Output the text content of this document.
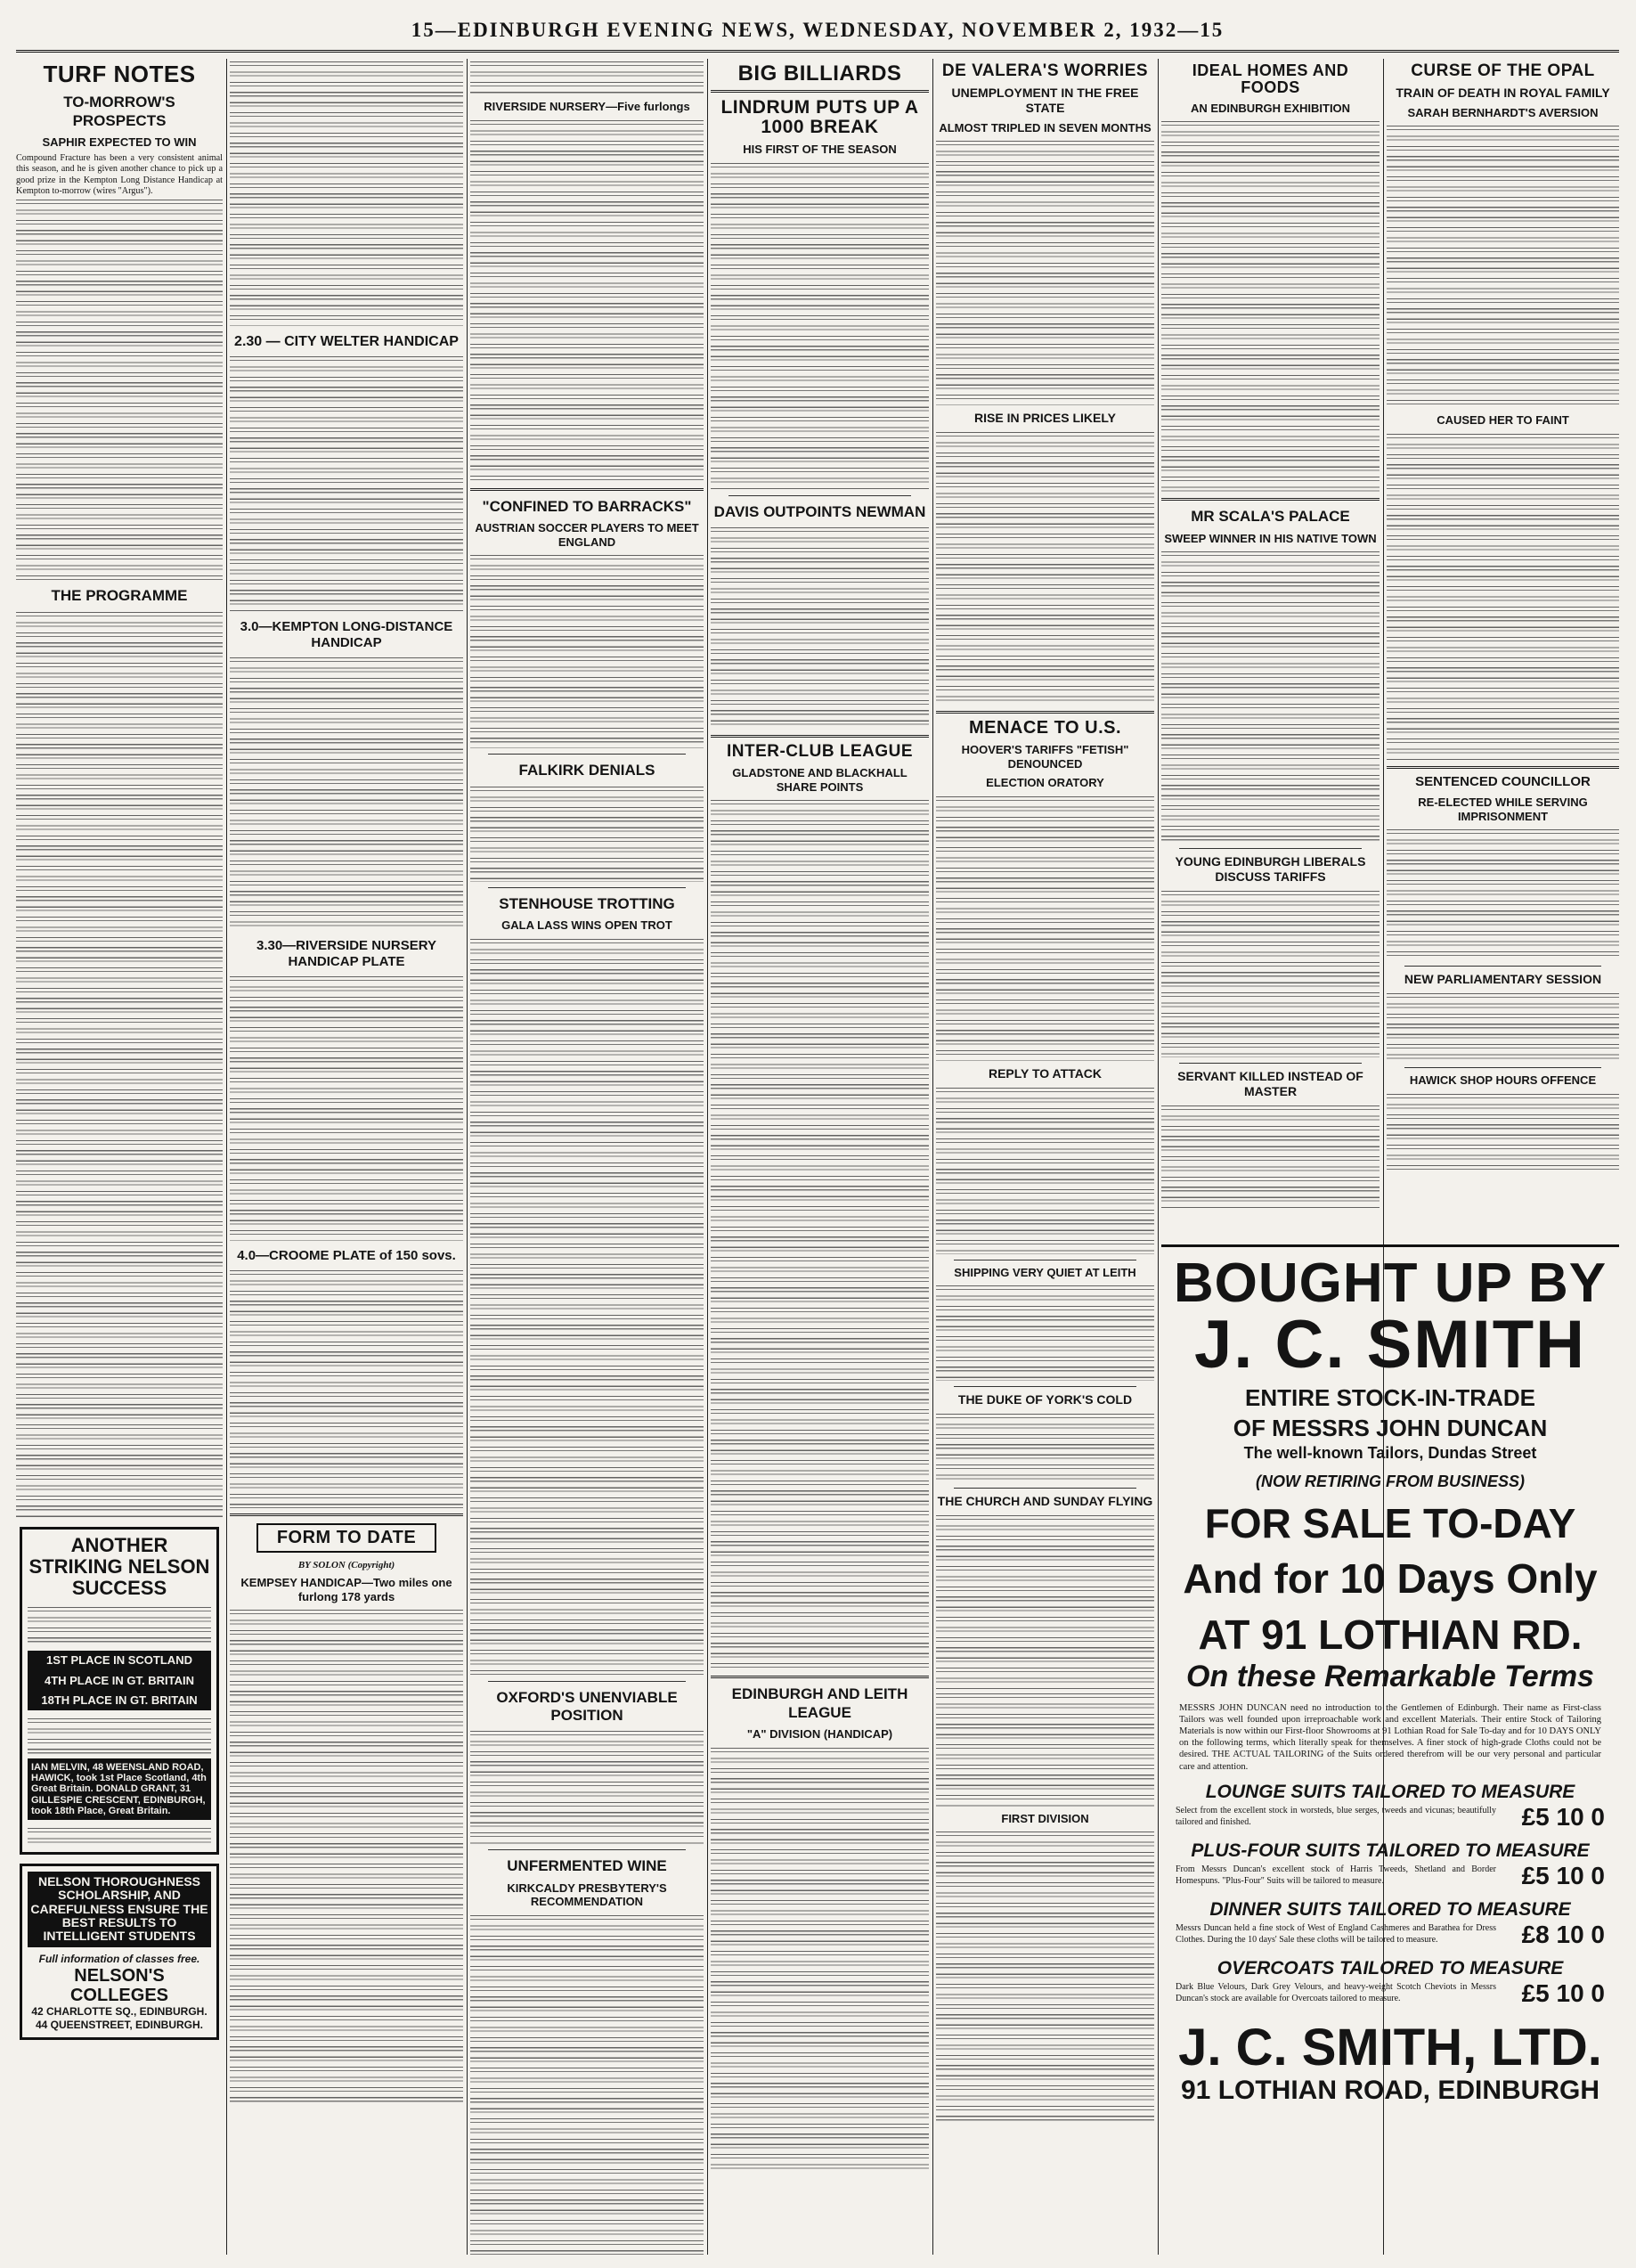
15—EDINBURGH EVENING NEWS, WEDNESDAY, NOVEMBER 2, 1932—15
TURF NOTES
TO-MORROW'S PROSPECTS
SAPHIR EXPECTED TO WIN
Compound Fracture has been a very consistent animal this season, and he is given another chance to pick up a good prize in the Kempton Long Distance Handicap at Kempton to-morrow (wires "Argus").
THE PROGRAMME
ANOTHER STRIKING NELSON SUCCESS
1ST PLACE IN SCOTLAND
4TH PLACE IN GT. BRITAIN
18TH PLACE IN GT. BRITAIN
IAN MELVIN, 48 WEENSLAND ROAD, HAWICK, took 1st Place Scotland, 4th Great Britain. DONALD GRANT, 31 GILLESPIE CRESCENT, EDINBURGH, took 18th Place, Great Britain.
NELSON THOROUGHNESS SCHOLARSHIP, AND CAREFULNESS ENSURE THE BEST RESULTS TO INTELLIGENT STUDENTS
Full information of classes free.
NELSON'S COLLEGES
42 CHARLOTTE SQ., EDINBURGH.
44 QUEENSTREET, EDINBURGH.
2.30 — CITY WELTER HANDICAP
3.0—KEMPTON LONG-DISTANCE HANDICAP
3.30—RIVERSIDE NURSERY HANDICAP PLATE
4.0—CROOME PLATE of 150 sovs.
FORM TO DATE
BY SOLON (Copyright)
KEMPSEY HANDICAP—Two miles one furlong 178 yards
RIVERSIDE NURSERY—Five furlongs
"CONFINED TO BARRACKS"
AUSTRIAN SOCCER PLAYERS TO MEET ENGLAND
FALKIRK DENIALS
STENHOUSE TROTTING
GALA LASS WINS OPEN TROT
OXFORD'S UNENVIABLE POSITION
UNFERMENTED WINE
KIRKCALDY PRESBYTERY'S RECOMMENDATION
BIG BILLIARDS
LINDRUM PUTS UP A 1000 BREAK
HIS FIRST OF THE SEASON
DAVIS OUTPOINTS NEWMAN
INTER-CLUB LEAGUE
GLADSTONE AND BLACKHALL SHARE POINTS
EDINBURGH AND LEITH LEAGUE
"A" DIVISION (HANDICAP)
DE VALERA'S WORRIES
UNEMPLOYMENT IN THE FREE STATE
ALMOST TRIPLED IN SEVEN MONTHS
RISE IN PRICES LIKELY
MENACE TO U.S.
HOOVER'S TARIFFS "FETISH" DENOUNCED
ELECTION ORATORY
REPLY TO ATTACK
SHIPPING VERY QUIET AT LEITH
THE DUKE OF YORK'S COLD
THE CHURCH AND SUNDAY FLYING
FIRST DIVISION
IDEAL HOMES AND FOODS
AN EDINBURGH EXHIBITION
MR SCALA'S PALACE
SWEEP WINNER IN HIS NATIVE TOWN
YOUNG EDINBURGH LIBERALS DISCUSS TARIFFS
SERVANT KILLED INSTEAD OF MASTER
CURSE OF THE OPAL
TRAIN OF DEATH IN ROYAL FAMILY
SARAH BERNHARDT'S AVERSION
CAUSED HER TO FAINT
SENTENCED COUNCILLOR
RE-ELECTED WHILE SERVING IMPRISONMENT
NEW PARLIAMENTARY SESSION
HAWICK SHOP HOURS OFFENCE
BOUGHT UP BY
J. C. SMITH
ENTIRE STOCK-IN-TRADE
OF MESSRS JOHN DUNCAN
The well-known Tailors, Dundas Street
(NOW RETIRING FROM BUSINESS)
FOR SALE TO-DAY
And for 10 Days Only
AT 91 LOTHIAN RD.
On these Remarkable Terms
MESSRS JOHN DUNCAN need no introduction to the Gentlemen of Edinburgh. Their name as First-class Tailors was well founded upon irreproachable work and excellent Materials. Their entire Stock of Tailoring Materials is now within our First-floor Showrooms at 91 Lothian Road for Sale To-day and for 10 DAYS ONLY on the following terms, which literally speak for themselves. A finer stock of high-grade Cloths could not be desired. THE ACTUAL TAILORING of the Suits ordered therefrom will be our very personal and particular care and attention.
LOUNGE SUITS TAILORED TO MEASURE
Select from the excellent stock in worsteds, blue serges, tweeds and vicunas; beautifully tailored and finished.	£5 10 0
PLUS-FOUR SUITS TAILORED TO MEASURE
From Messrs Duncan's excellent stock of Harris Tweeds, Shetland and Border Homespuns. "Plus-Four" Suits will be tailored to measure.	£5 10 0
DINNER SUITS TAILORED TO MEASURE
Messrs Duncan held a fine stock of West of England Cashmeres and Barathea for Dress Clothes. During the 10 days' Sale these cloths will be tailored to measure.	£8 10 0
OVERCOATS TAILORED TO MEASURE
Dark Blue Velours, Dark Grey Velours, and heavy-weight Scotch Cheviots in Messrs Duncan's stock are available for Overcoats tailored to measure.	£5 10 0
J. C. SMITH, LTD.
91 LOTHIAN ROAD, EDINBURGH
